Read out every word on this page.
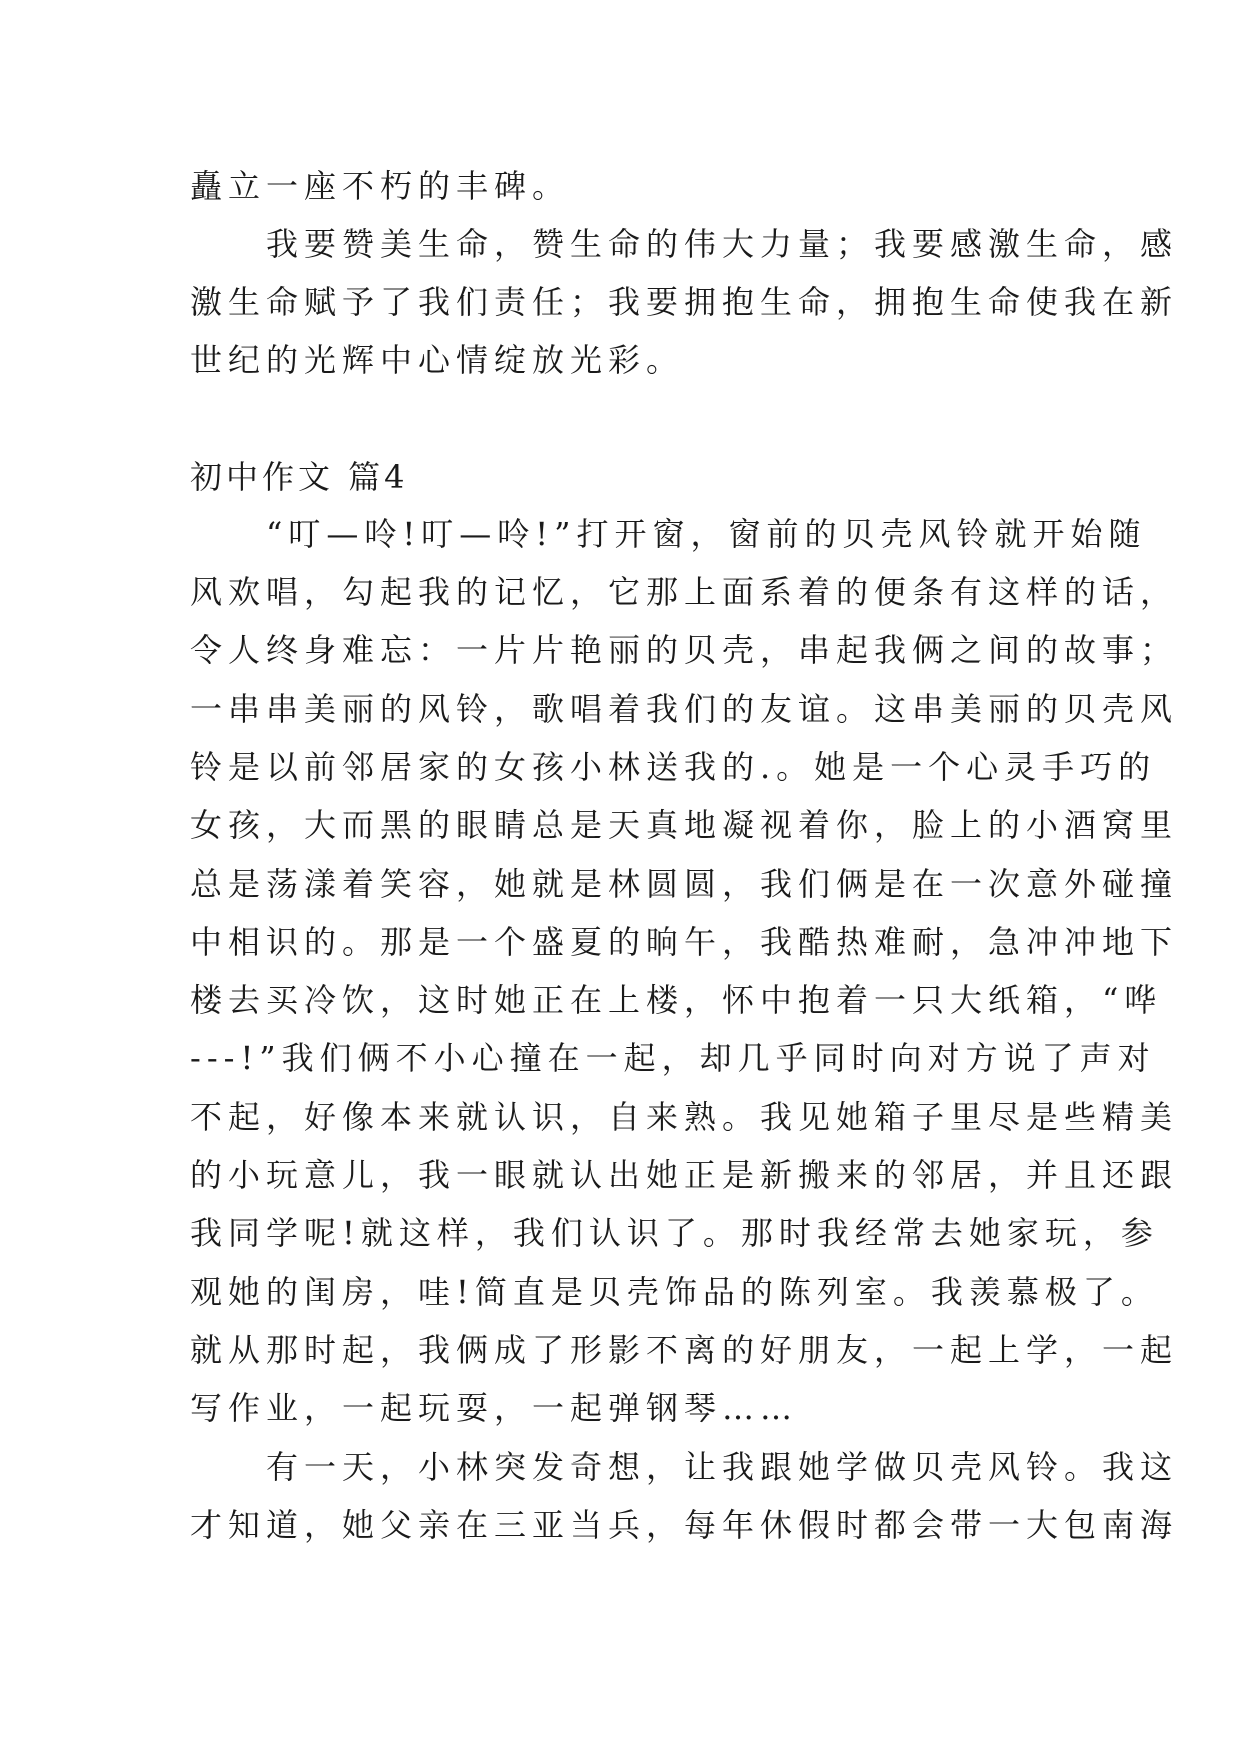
矗立一座不朽的丰碑。
　　我要赞美生命，赞生命的伟大力量；我要感激生命，感
激生命赋予了我们责任；我要拥抱生命，拥抱生命使我在新
世纪的光辉中心情绽放光彩。
初中作文 篇4
　　“叮—呤!叮—呤!”打开窗，窗前的贝壳风铃就开始随
风欢唱，勾起我的记忆，它那上面系着的便条有这样的话，
令人终身难忘：一片片艳丽的贝壳，串起我俩之间的故事；
一串串美丽的风铃，歌唱着我们的友谊。这串美丽的贝壳风
铃是以前邻居家的女孩小林送我的.。她是一个心灵手巧的
女孩，大而黑的眼睛总是天真地凝视着你，脸上的小酒窝里
总是荡漾着笑容，她就是林圆圆，我们俩是在一次意外碰撞
中相识的。那是一个盛夏的晌午，我酷热难耐，急冲冲地下
楼去买冷饮，这时她正在上楼，怀中抱着一只大纸箱，“哗
---!”我们俩不小心撞在一起，却几乎同时向对方说了声对
不起，好像本来就认识，自来熟。我见她箱子里尽是些精美
的小玩意儿，我一眼就认出她正是新搬来的邻居，并且还跟
我同学呢!就这样，我们认识了。那时我经常去她家玩，参
观她的闺房，哇!简直是贝壳饰品的陈列室。我羡慕极了。
就从那时起，我俩成了形影不离的好朋友，一起上学，一起
写作业，一起玩耍，一起弹钢琴……
　　有一天，小林突发奇想，让我跟她学做贝壳风铃。我这
才知道，她父亲在三亚当兵，每年休假时都会带一大包南海
